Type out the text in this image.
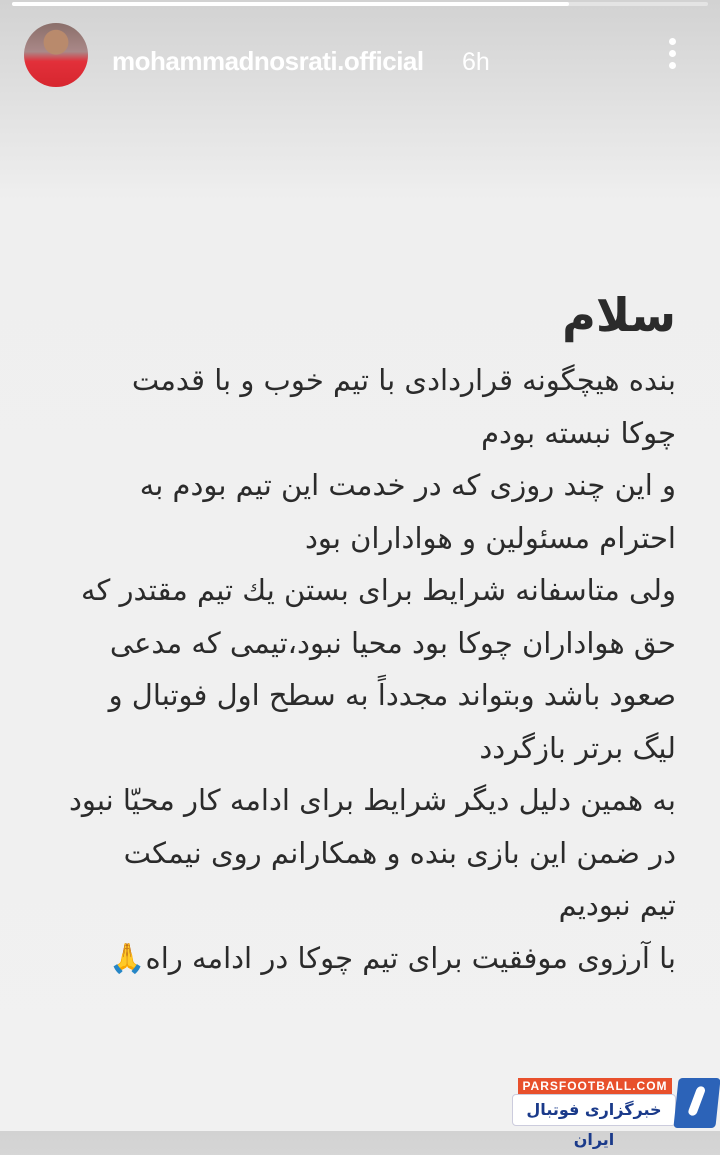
mohammadnosrati.official 6h
سلام
بنده هیچگونه قراردادی با تیم خوب و با قدمت
چوکا نبسته بودم
و این چند روزی که در خدمت این تیم بودم به
احترام مسئولین و هواداران بود
ولی متاسفانه شرایط برای بستن یك تیم مقتدر که
حق هواداران چوکا بود محیا نبود،تیمی که مدعی
صعود باشد وبتواند مجدداً به سطح اول فوتبال و
لیگ برتر بازگردد
به همین دلیل دیگر شرایط برای ادامه کار محیّا نبود
در ضمن این بازی بنده و همکارانم روی نیمکت
تیم نبودیم
با آرزوی موفقیت برای تیم چوکا در ادامه راه🙏
PARSFOOTBALL.COM
خبرگزاری فوتبال ایران
